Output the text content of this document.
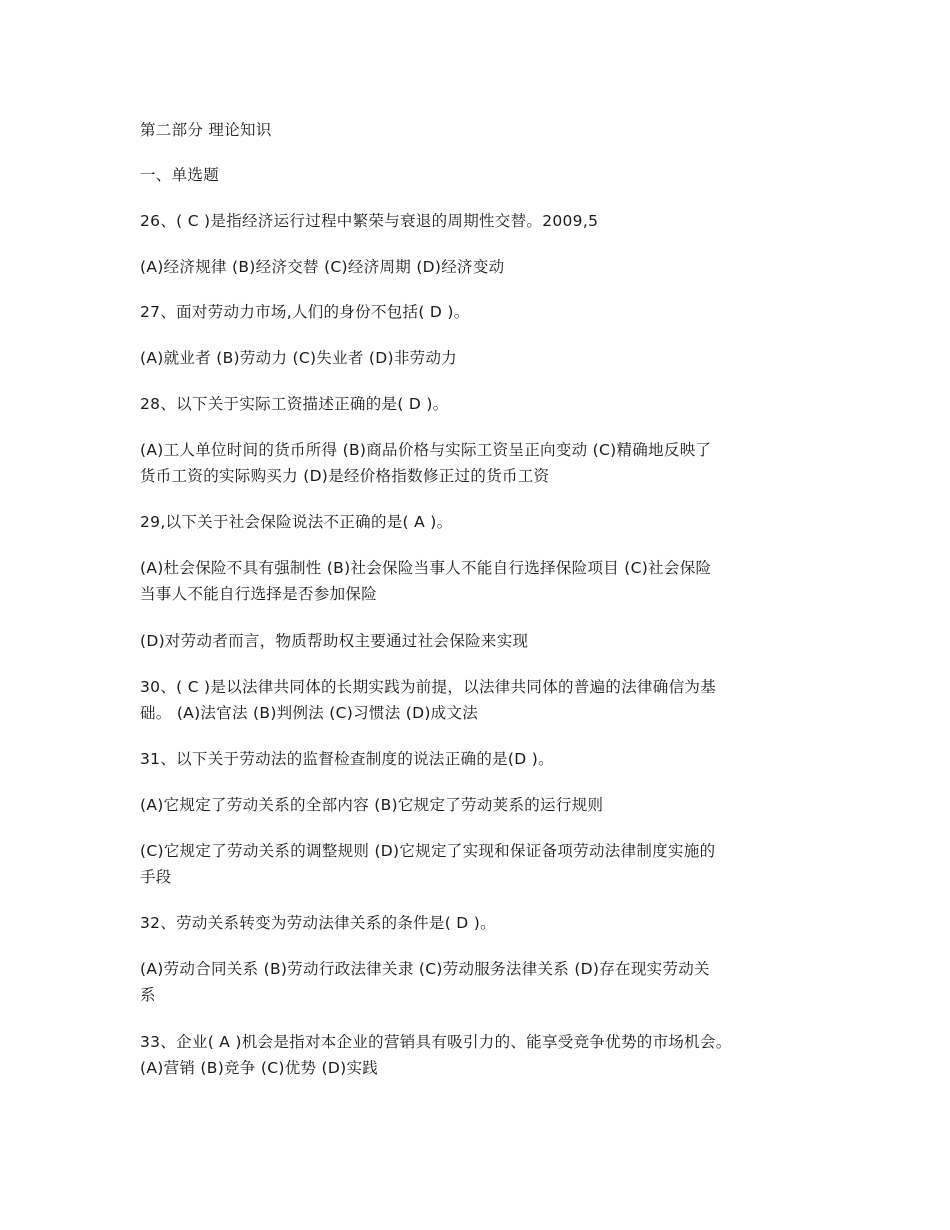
第二部分 理论知识

一、单选题

26、( C )是指经济运行过程中繁荣与衰退的周期性交替。2009,5

(A)经济规律 (B)经济交替 (C)经济周期 (D)经济变动

27、面对劳动力市场,人们的身份不包括( D )。

(A)就业者 (B)劳动力 (C)失业者 (D)非劳动力

28、以下关于实际工资描述正确的是( D )。

(A)工人单位时间的货币所得 (B)商品价格与实际工资呈正向变动 (C)精确地反映了
货币工资的实际购买力 (D)是经价格指数修正过的货币工资

29,以下关于社会保险说法不正确的是( A )。

(A)杜会保险不具有强制性 (B)社会保险当事人不能自行选择保险项目 (C)社会保险
当事人不能自行选择是否参加保险

(D)对劳动者而言，物质帮助权主要通过社会保险来实现

30、( C )是以法律共同体的长期实践为前提，以法律共同体的普遍的法律确信为基
础。 (A)法官法 (B)判例法 (C)习惯法 (D)成文法

31、以下关于劳动法的监督检查制度的说法正确的是(D )。

(A)它规定了劳动关系的全部内容 (B)它规定了劳动荚系的运行规则

(C)它规定了劳动关系的调整规则 (D)它规定了实现和保证备项劳动法律制度实施的
手段

32、劳动关系转变为劳动法律关系的条件是( D )。

(A)劳动合同关系 (B)劳动行政法律关隶 (C)劳动服务法律关系 (D)存在现实劳动关
系

33、企业( A )机会是指对本企业的营销具有吸引力的、能享受竞争优势的市场机会。
(A)营销 (B)竞争 (C)优势 (D)实践
